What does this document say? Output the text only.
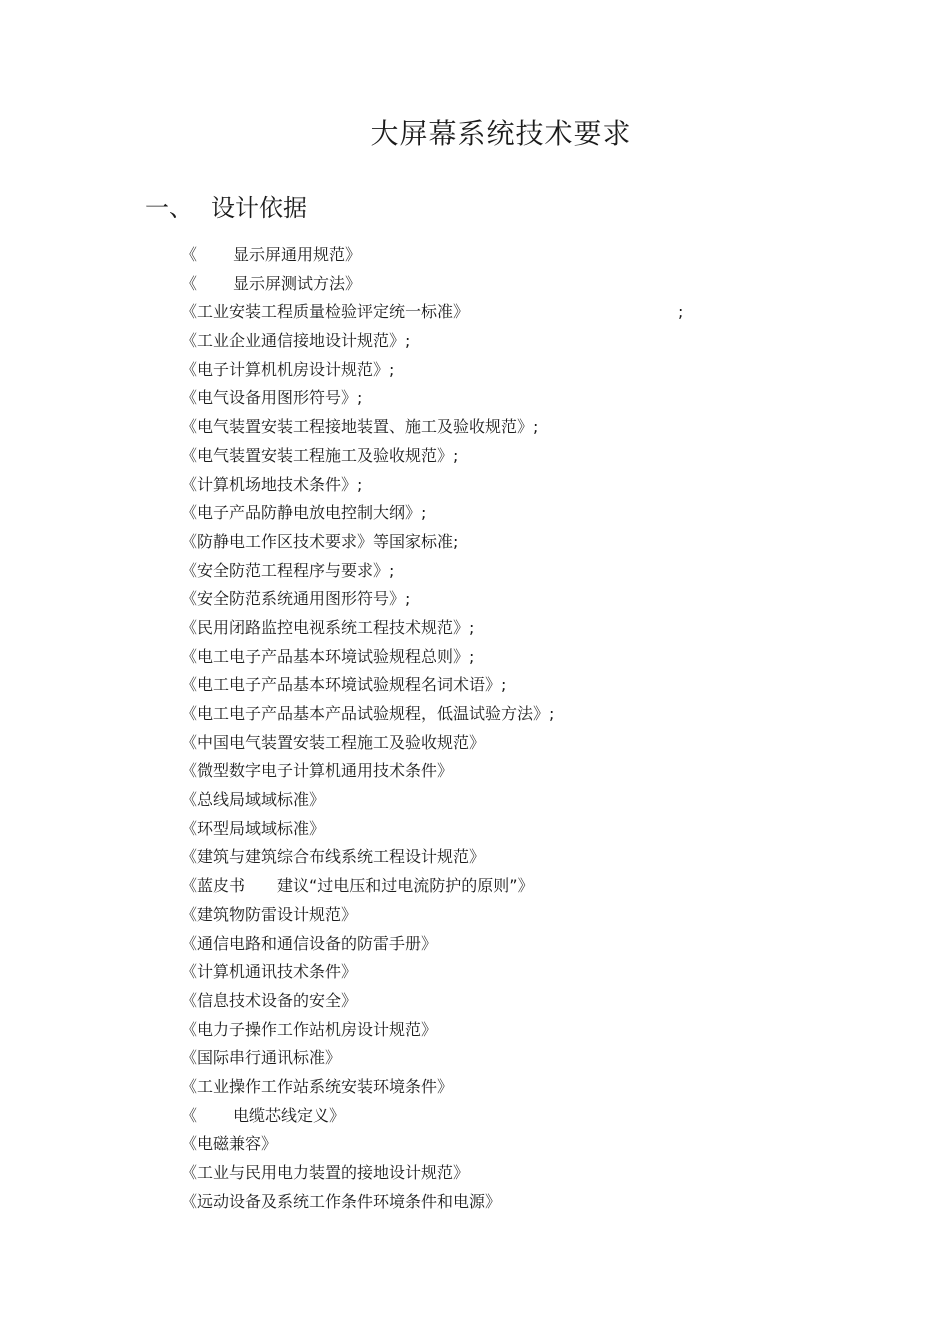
大屏幕系统技术要求
一、 设计依据
《 显示屏通用规范》
《 显示屏测试方法》
《工业安装工程质量检验评定统一标准》	;
《工业企业通信接地设计规范》;
《电子计算机机房设计规范》;
《电气设备用图形符号》;
《电气装置安装工程接地装置、施工及验收规范》;
《电气装置安装工程施工及验收规范》;
《计算机场地技术条件》;
《电子产品防静电放电控制大纲》;
《防静电工作区技术要求》等国家标准;
《安全防范工程程序与要求》;
《安全防范系统通用图形符号》;
《民用闭路监控电视系统工程技术规范》;
《电工电子产品基本环境试验规程总则》;
《电工电子产品基本环境试验规程名词术语》;
《电工电子产品基本产品试验规程，低温试验方法》;
《中国电气装置安装工程施工及验收规范》
《微型数字电子计算机通用技术条件》
《总线局域域标准》
《环型局域域标准》
《建筑与建筑综合布线系统工程设计规范》
《蓝皮书 建议“过电压和过电流防护的原则”》
《建筑物防雷设计规范》
《通信电路和通信设备的防雷手册》
《计算机通讯技术条件》
《信息技术设备的安全》
《电力子操作工作站机房设计规范》
《国际串行通讯标准》
《工业操作工作站系统安装环境条件》
《 电缆芯线定义》
《电磁兼容》
《工业与民用电力装置的接地设计规范》
《远动设备及系统工作条件环境条件和电源》
